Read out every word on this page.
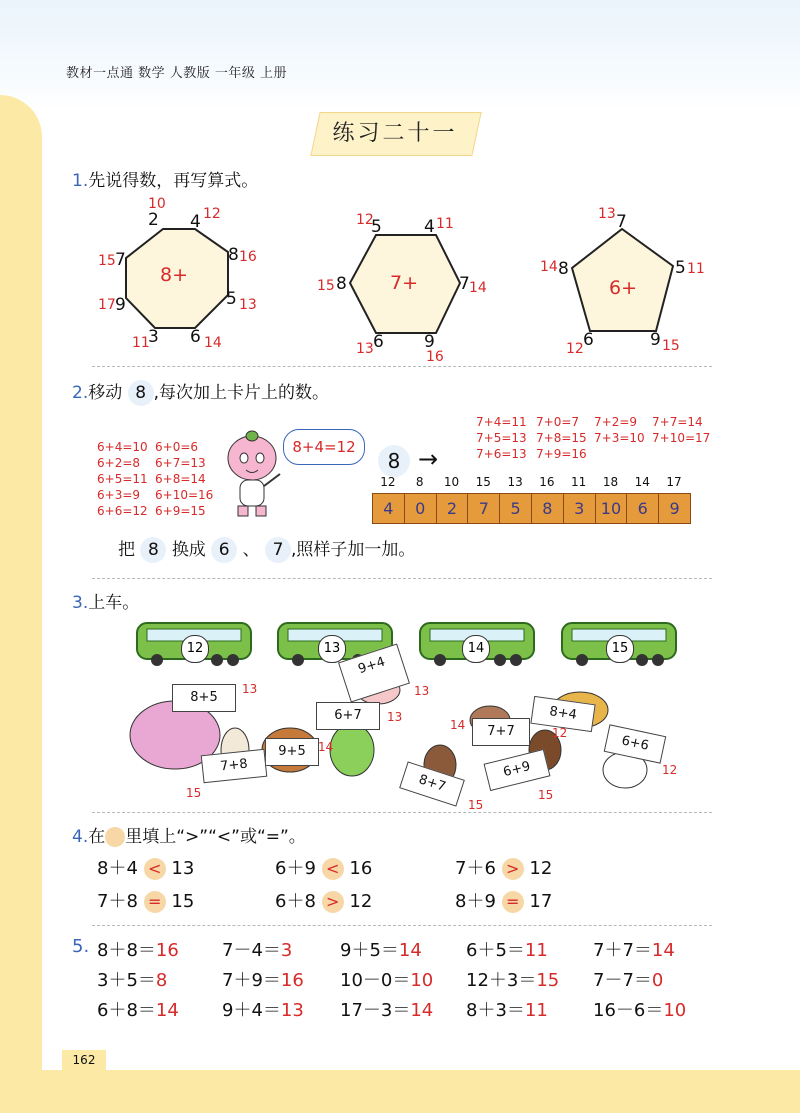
教材一点通 数学 人教版 一年级 上册
练习二十一
1.先说得数，再写算式。
8+
10
2 4 12
8 16
5 13
6 14
3
11
9
17
7
15
7+
12
5 4 11
7 14
9
16
6
13
8
15	6+
13 7
5 11
9 15
6
12
8
14
2.移动 8 ,每次加上卡片上的数。
6+4=10 6+0=6
6+2=8	6+7=13
6+5=11 6+8=14
6+3=9	6+10=16
6+6=12 6+9=15
8+4=12
8 →
7+4=11 7+0=7	7+2=9	7+7=14
7+5=13 7+8=15 7+3=10 7+10=17
7+6=13 7+9=16
12	8	10	15	13	16	11	18	14	17
4	0	2	7	5	8	3	10	6	9
把 8 换成 6 、 7 ,照样子加一加。
3.上车。
12	13	14	15
8+5
13
9+4
13
6+7	13
9+5	14
7+8
15
7+7
14
8+4
12
6+6
12
6+9
15
8+7
15
4.在 里填上“>”“<”或“=”。
8＋4 < 13	6＋9 < 16	7＋6 > 12
7＋8 = 15	6＋8 > 12	8＋9 = 17
5. 8＋8＝16 7－4＝3	9＋5＝14 6＋5＝11	7＋7＝14
3＋5＝8	7＋9＝16 10－0＝10 12＋3＝15 7－7＝0
6＋8＝14 9＋4＝13 17－3＝14 8＋3＝11	16－6＝10
162
